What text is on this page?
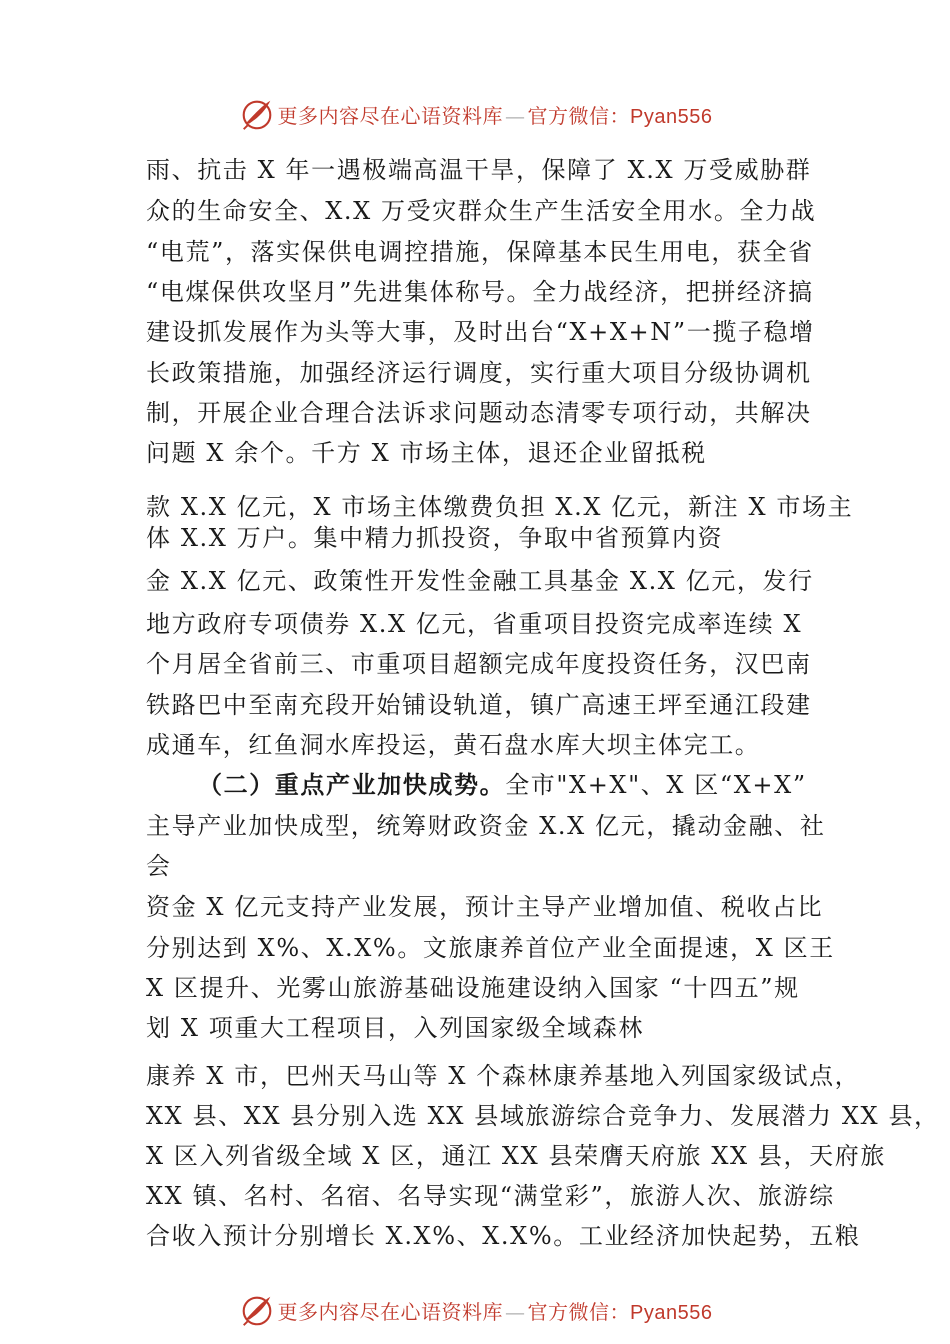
更多内容尽在心语资料库 — 官方微信：Pyan556
雨、抗击 X 年一遇极端高温干旱，保障了 X.X 万受威胁群
众的生命安全、X.X 万受灾群众生产生活安全用水。全力战
“电荒”，落实保供电调控措施，保障基本民生用电，获全省
“电煤保供攻坚月”先进集体称号。全力战经济，把拼经济搞
建设抓发展作为头等大事，及时出台“X+X+N”一揽子稳增
长政策措施，加强经济运行调度，实行重大项目分级协调机
制，开展企业合理合法诉求问题动态清零专项行动，共解决
问题 X 余个。千方 X 市场主体，退还企业留抵税
款 X.X 亿元，X 市场主体缴费负担 X.X 亿元，新注 X 市场主
体 X.X 万户。集中精力抓投资，争取中省预算内资
金 X.X 亿元、政策性开发性金融工具基金 X.X 亿元，发行
地方政府专项债券 X.X 亿元，省重项目投资完成率连续 X
个月居全省前三、市重项目超额完成年度投资任务，汉巴南
铁路巴中至南充段开始铺设轨道，镇广高速王坪至通江段建
成通车，红鱼洞水库投运，黄石盘水库大坝主体完工。
（二）重点产业加快成势。全市"X+X"、X 区“X+X”
主导产业加快成型，统筹财政资金 X.X 亿元，撬动金融、社
会
资金 X 亿元支持产业发展，预计主导产业增加值、税收占比
分别达到 X%、X.X%。文旅康养首位产业全面提速，X 区王
X 区提升、光雾山旅游基础设施建设纳入国家 “十四五”规
划 X 项重大工程项目，入列国家级全域森林
康养 X 市，巴州天马山等 X 个森林康养基地入列国家级试点，
XX 县、XX 县分别入选 XX 县域旅游综合竞争力、发展潜力 XX 县，
X 区入列省级全域 X 区，通江 XX 县荣膺天府旅 XX 县，天府旅
XX 镇、名村、名宿、名导实现“满堂彩”，旅游人次、旅游综
合收入预计分别增长 X.X%、X.X%。工业经济加快起势，五粮
更多内容尽在心语资料库 — 官方微信：Pyan556
